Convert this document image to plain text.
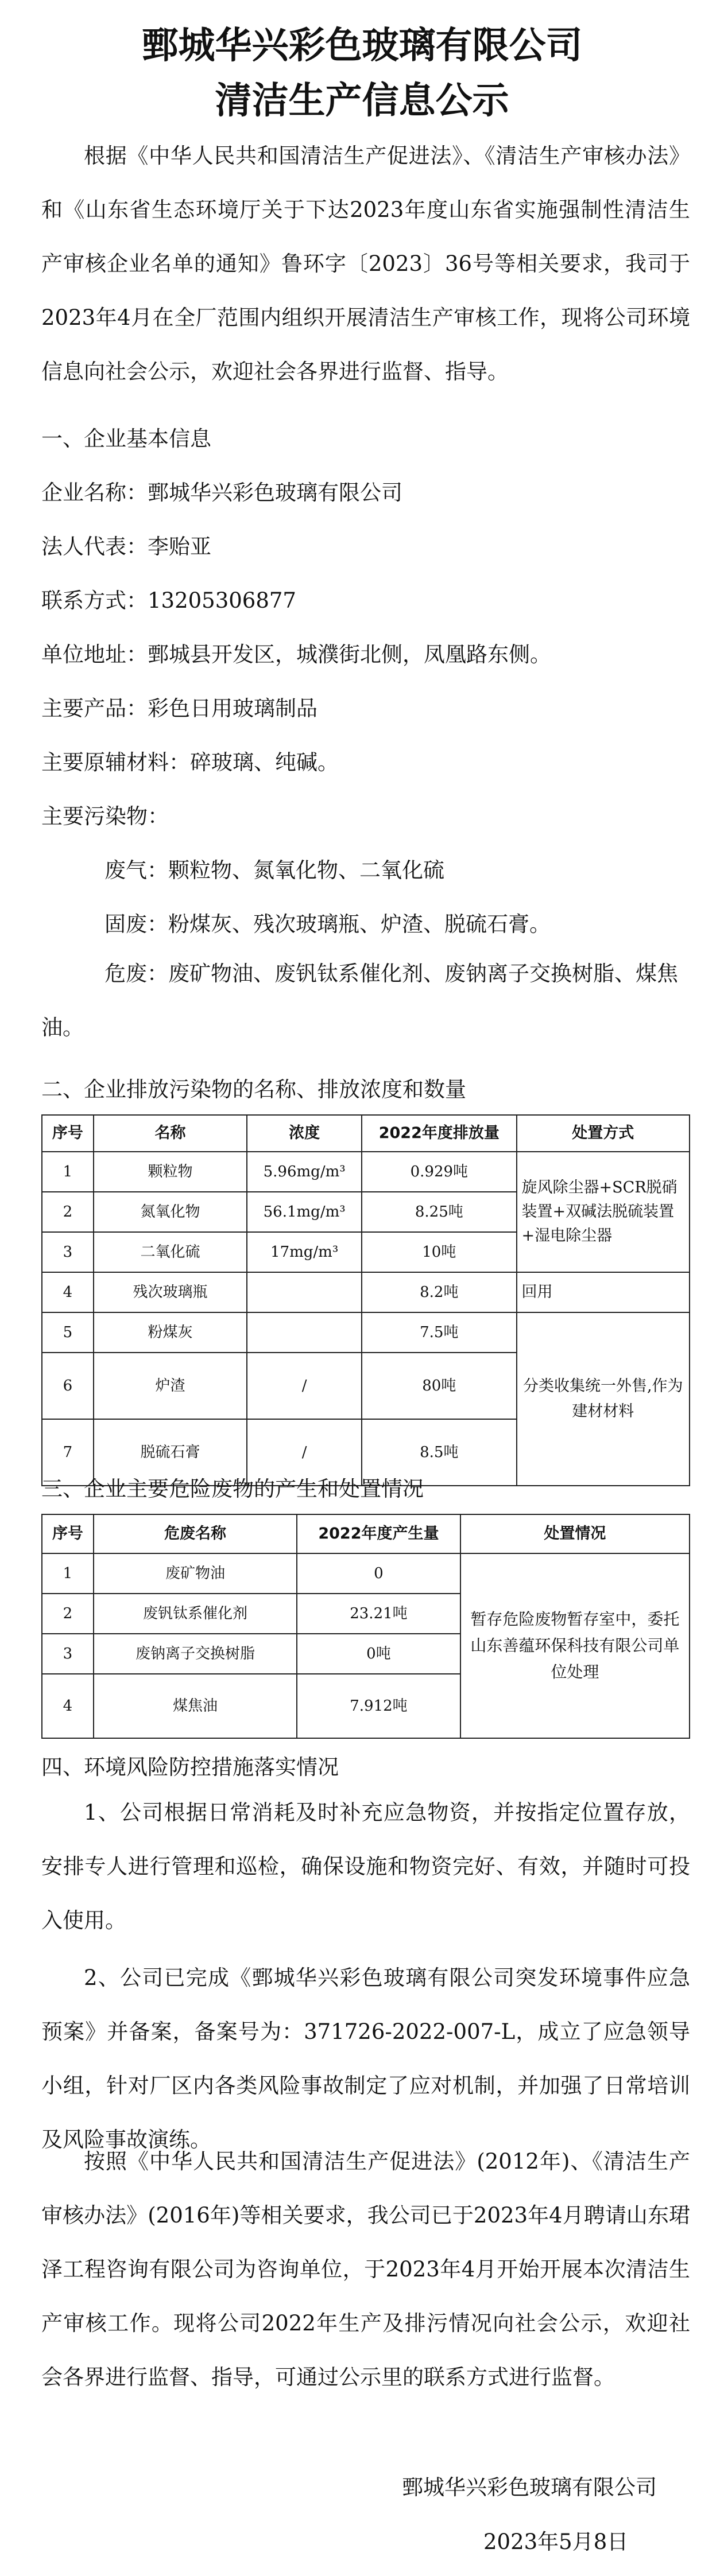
鄄城华兴彩色玻璃有限公司
清洁生产信息公示
根据《中华人民共和国清洁生产促进法》、《清洁生产审核办法》和《山东省生态环境厅关于下达2023年度山东省实施强制性清洁生产审核企业名单的通知》鲁环字〔2023〕36号等相关要求，我司于2023年4月在全厂范围内组织开展清洁生产审核工作，现将公司环境信息向社会公示，欢迎社会各界进行监督、指导。
一、企业基本信息
企业名称：鄄城华兴彩色玻璃有限公司
法人代表：李贻亚
联系方式：13205306877
单位地址：鄄城县开发区，城濮街北侧，凤凰路东侧。
主要产品：彩色日用玻璃制品
主要原辅材料：碎玻璃、纯碱。
主要污染物：
废气：颗粒物、氮氧化物、二氧化硫
固废：粉煤灰、残次玻璃瓶、炉渣、脱硫石膏。
危废：废矿物油、废钒钛系催化剂、废钠离子交换树脂、煤焦油。
二、企业排放污染物的名称、排放浓度和数量
序号	名称	浓度	2022年度排放量	处置方式
1	颗粒物	5.96mg/m³	0.929吨	旋风除尘器+SCR脱硝装置+双碱法脱硫装置+湿电除尘器
2	氮氧化物	56.1mg/m³	8.25吨	
3	二氧化硫	17mg/m³	10吨	
4	残次玻璃瓶		8.2吨	回用
5	粉煤灰		7.5吨	分类收集统一外售,作为建材材料
6	炉渣	/	80吨	
7	脱硫石膏	/	8.5吨	
三、企业主要危险废物的产生和处置情况
序号	危废名称	2022年度产生量	处置情况
1	废矿物油	0	暂存危险废物暂存室中，委托山东善蕴环保科技有限公司单位处理
2	废钒钛系催化剂	23.21吨	
3	废钠离子交换树脂	0吨	
4	煤焦油	7.912吨	
四、环境风险防控措施落实情况
1、公司根据日常消耗及时补充应急物资，并按指定位置存放，安排专人进行管理和巡检，确保设施和物资完好、有效，并随时可投入使用。
2、公司已完成《鄄城华兴彩色玻璃有限公司突发环境事件应急预案》并备案，备案号为：371726-2022-007-L，成立了应急领导小组，针对厂区内各类风险事故制定了应对机制，并加强了日常培训及风险事故演练。
按照《中华人民共和国清洁生产促进法》(2012年)、《清洁生产审核办法》(2016年)等相关要求，我公司已于2023年4月聘请山东珺泽工程咨询有限公司为咨询单位，于2023年4月开始开展本次清洁生产审核工作。现将公司2022年生产及排污情况向社会公示，欢迎社会各界进行监督、指导，可通过公示里的联系方式进行监督。
鄄城华兴彩色玻璃有限公司
2023年5月8日
